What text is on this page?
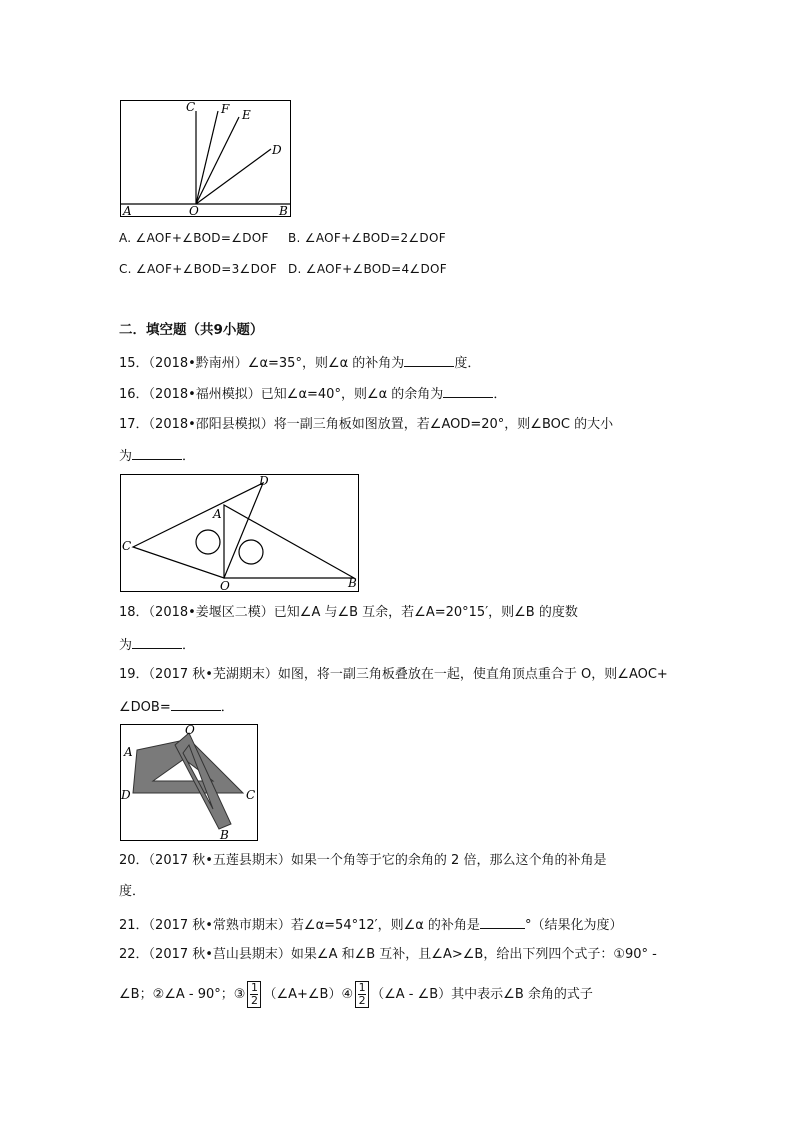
C F E
D
A	O	B
A. ∠AOF+∠BOD=∠DOF B. ∠AOF+∠BOD=2∠DOF
C. ∠AOF+∠BOD=3∠DOF D. ∠AOF+∠BOD=4∠DOF
二．填空题（共9小题）
15．（2018•黔南州）∠α=35°，则∠α 的补角为	度．
16．（2018•福州模拟）已知∠α=40°，则∠α 的余角为	．
17．（2018•邵阳县模拟）将一副三角板如图放置，若∠AOD=20°，则∠BOC 的大小
为	．
D
A
C
O	B
18．（2018•姜堰区二模）已知∠A 与∠B 互余，若∠A=20°15′，则∠B 的度数
为	．
19．（2017 秋•芜湖期末）如图，将一副三角板叠放在一起，使直角顶点重合于 O，则∠AOC+
∠DOB=	．
O
A
D	C
B
20．（2017 秋•五莲县期末）如果一个角等于它的余角的 2 倍，那么这个角的补角是
度．
21．（2017 秋•常熟市期末）若∠α=54°12′，则∠α 的补角是	°（结果化为度）
22．（2017 秋•莒山县期末）如果∠A 和∠B 互补，且∠A>∠B，给出下列四个式子：①90° -
∠B；②∠A - 90°；③ $\frac{1}{2}$ （∠A+∠B）④ $\frac{1}{2}$ （∠A - ∠B）其中表示∠B 余角的式子
